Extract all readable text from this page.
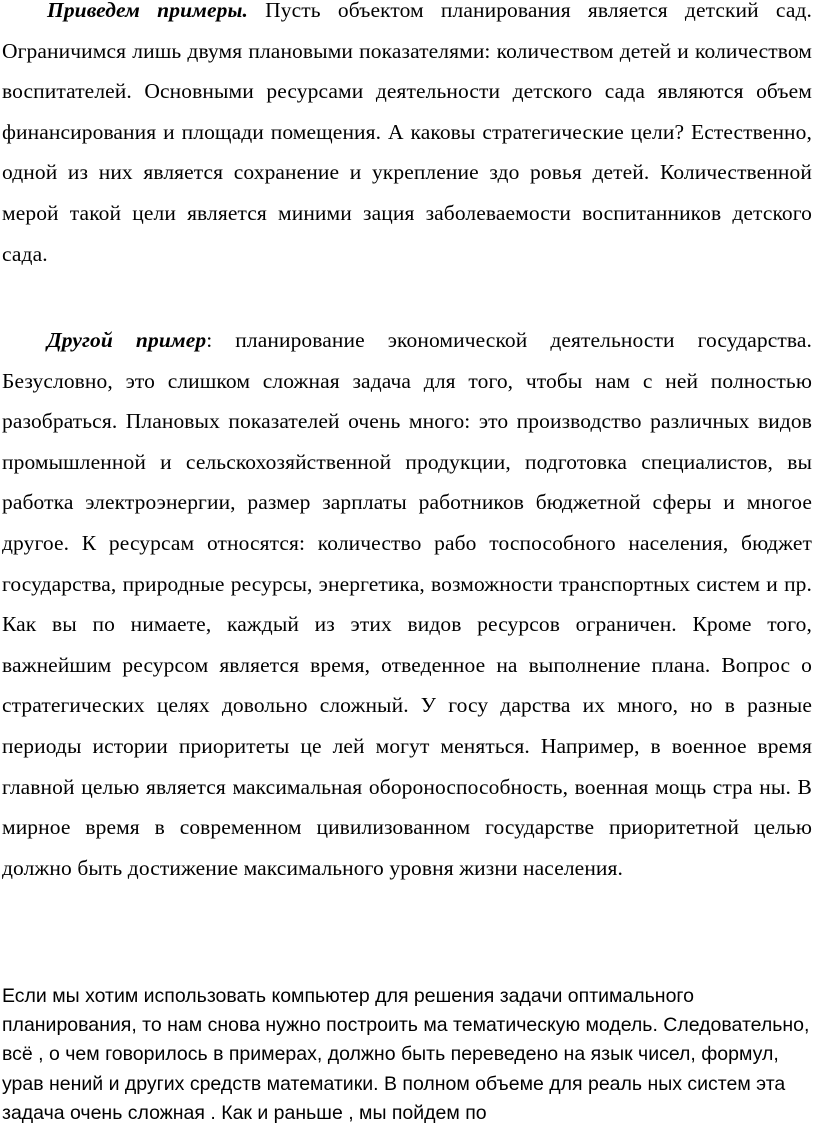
Приведем примеры. Пусть объектом планирования является детский сад. Ограничимся лишь двумя плановыми показателями: количеством детей и количеством воспитателей. Основными ресурсами деятельности детского сада являются объем финансирования и площади помещения. А каковы стратегические цели? Естественно, одной из них является сохранение и укрепление здо ровья детей. Количественной мерой такой цели является миними зация заболеваемости воспитанников детского сада.

Другой пример: планирование экономической деятельности государства. Безусловно, это слишком сложная задача для того, чтобы нам с ней полностью разобраться. Плановых показателей очень много: это производство различных видов промышленной и сельскохозяйственной продукции, подготовка специалистов, вы работка электроэнергии, размер зарплаты работников бюджетной сферы и многое другое. К ресурсам относятся: количество рабо тоспособного населения, бюджет государства, природные ресурсы, энергетика, возможности транспортных систем и пр. Как вы по нимаете, каждый из этих видов ресурсов ограничен. Кроме того, важнейшим ресурсом является время, отведенное на выполнение плана. Вопрос о стратегических целях довольно сложный. У госу дарства их много, но в разные периоды истории приоритеты це лей могут меняться. Например, в военное время главной целью является максимальная обороноспособность, военная мощь стра ны. В мирное время в современном цивилизованном государстве приоритетной целью должно быть достижение максимального уровня жизни населения.

Если мы хотим использовать компьютер для решения задачи оптимального планирования, то нам снова нужно построить ма тематическую модель. Следовательно, всё , о чем говорилось в примерах, должно быть переведено на язык чисел, формул, урав нений и других средств математики. В полном объеме для реаль ных систем эта задача очень сложная . Как и раньше , мы пойдем по
